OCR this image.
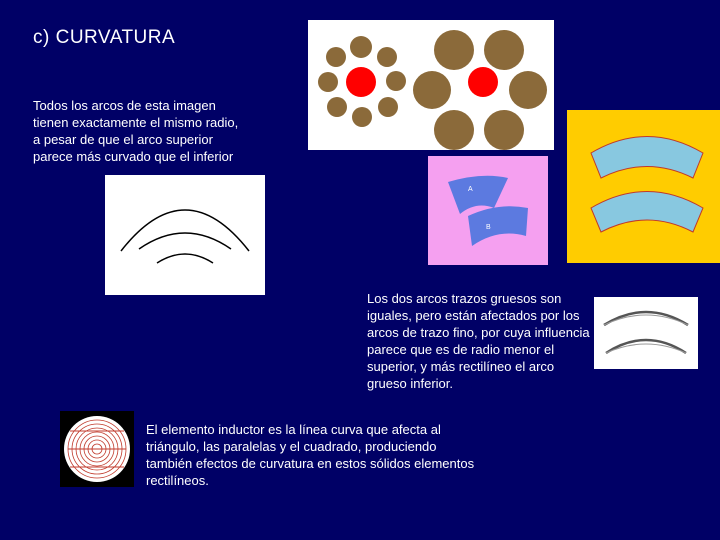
c) CURVATURA
Todos los arcos de esta imagen tienen exactamente el mismo radio, a pesar de que el arco superior parece más curvado que el inferior
A
B
Los dos arcos trazos gruesos son iguales, pero están afectados por los arcos de trazo fino, por cuya influencia parece que es de radio menor el superior, y más rectilíneo el arco grueso inferior.
El elemento inductor es la línea curva que afecta al triángulo, las paralelas y el cuadrado, produciendo también efectos de curvatura en estos sólidos elementos rectilíneos.
